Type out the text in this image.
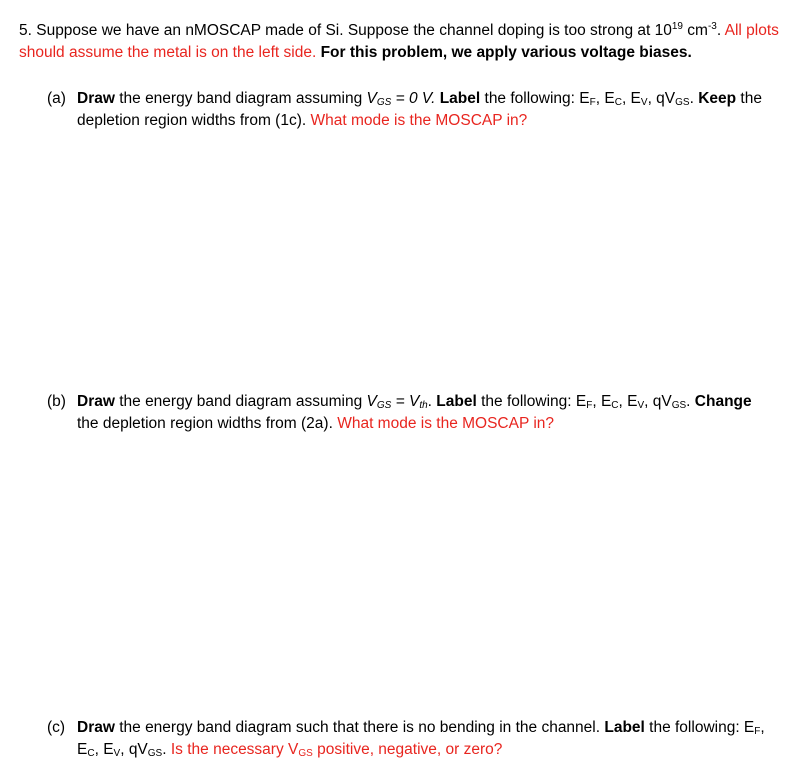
5. Suppose we have an nMOSCAP made of Si. Suppose the channel doping is too strong at $10^{19}$ $cm^{-3}$. All plots should assume the metal is on the left side. For this problem, we apply various voltage biases.
(a) Draw the energy band diagram assuming $V_{GS} = 0$ V. Label the following: $E_F$, $E_C$, $E_V$, $qV_{GS}$. Keep the depletion region widths from (1c). What mode is the MOSCAP in?
(b) Draw the energy band diagram assuming $V_{GS} = V_{th}$. Label the following: $E_F$, $E_C$, $E_V$, $qV_{GS}$. Change the depletion region widths from (2a). What mode is the MOSCAP in?
(c) Draw the energy band diagram such that there is no bending in the channel. Label the following: $E_F$, $E_C$, $E_V$, $qV_{GS}$. Is the necessary $V_{GS}$ positive, negative, or zero?
